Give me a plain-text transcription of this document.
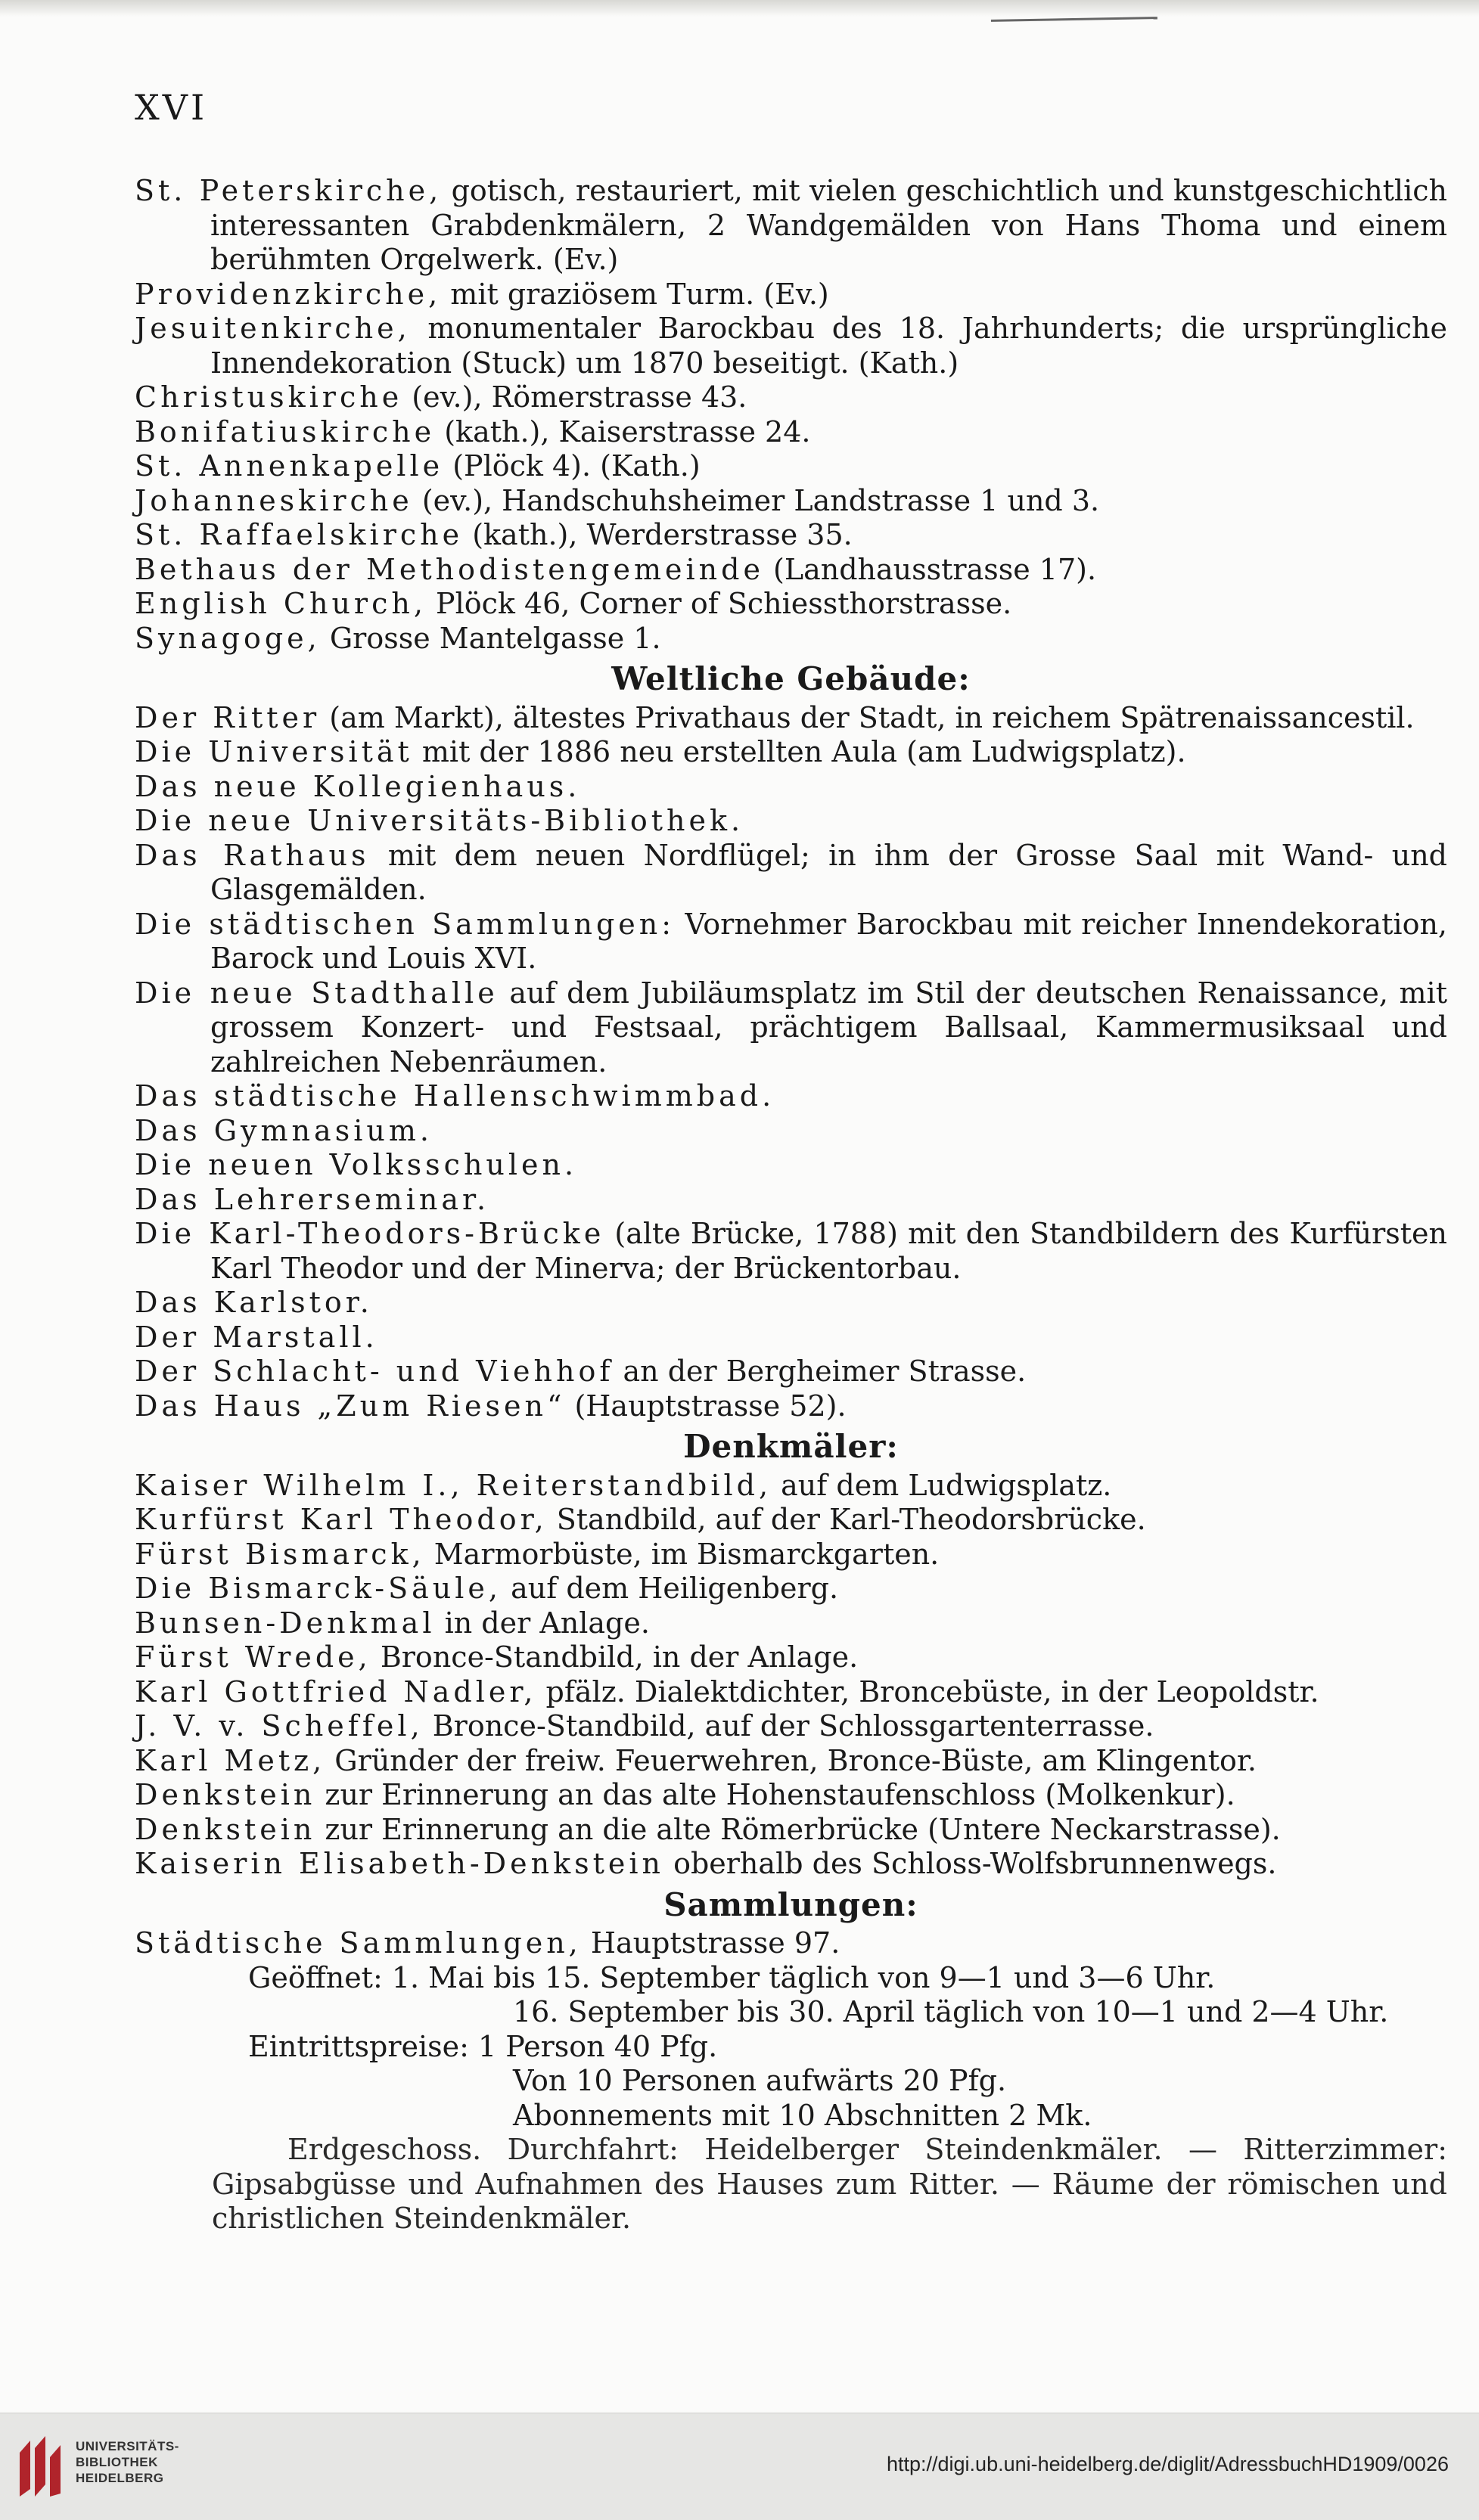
XVI
St. Peterskirche, gotisch, restauriert, mit vielen geschichtlich und kunstgeschichtlich interessanten Grabdenkmälern, 2 Wandgemälden von Hans Thoma und einem berühmten Orgelwerk. (Ev.)
Providenzkirche, mit graziösem Turm. (Ev.)
Jesuitenkirche, monumentaler Barockbau des 18. Jahrhunderts; die ursprüngliche Innendekoration (Stuck) um 1870 beseitigt. (Kath.)
Christuskirche (ev.), Römerstrasse 43.
Bonifatiuskirche (kath.), Kaiserstrasse 24.
St. Annenkapelle (Plöck 4). (Kath.)
Johanneskirche (ev.), Handschuhsheimer Landstrasse 1 und 3.
St. Raffaelskirche (kath.), Werderstrasse 35.
Bethaus der Methodistengemeinde (Landhausstrasse 17).
English Church, Plöck 46, Corner of Schiessthorstrasse.
Synagoge, Grosse Mantelgasse 1.
Weltliche Gebäude:
Der Ritter (am Markt), ältestes Privathaus der Stadt, in reichem Spätrenaissancestil.
Die Universität mit der 1886 neu erstellten Aula (am Ludwigsplatz).
Das neue Kollegienhaus.
Die neue Universitäts-Bibliothek.
Das Rathaus mit dem neuen Nordflügel; in ihm der Grosse Saal mit Wand- und Glasgemälden.
Die städtischen Sammlungen: Vornehmer Barockbau mit reicher Innendekoration, Barock und Louis XVI.
Die neue Stadthalle auf dem Jubiläumsplatz im Stil der deutschen Renaissance, mit grossem Konzert- und Festsaal, prächtigem Ballsaal, Kammermusiksaal und zahlreichen Nebenräumen.
Das städtische Hallenschwimmbad.
Das Gymnasium.
Die neuen Volksschulen.
Das Lehrerseminar.
Die Karl-Theodors-Brücke (alte Brücke, 1788) mit den Standbildern des Kurfürsten Karl Theodor und der Minerva; der Brückentorbau.
Das Karlstor.
Der Marstall.
Der Schlacht- und Viehhof an der Bergheimer Strasse.
Das Haus „Zum Riesen“ (Hauptstrasse 52).
Denkmäler:
Kaiser Wilhelm I., Reiterstandbild, auf dem Ludwigsplatz.
Kurfürst Karl Theodor, Standbild, auf der Karl-Theodorsbrücke.
Fürst Bismarck, Marmorbüste, im Bismarckgarten.
Die Bismarck-Säule, auf dem Heiligenberg.
Bunsen-Denkmal in der Anlage.
Fürst Wrede, Bronce-Standbild, in der Anlage.
Karl Gottfried Nadler, pfälz. Dialektdichter, Broncebüste, in der Leopoldstr.
J. V. v. Scheffel, Bronce-Standbild, auf der Schlossgartenterrasse.
Karl Metz, Gründer der freiw. Feuerwehren, Bronce-Büste, am Klingentor.
Denkstein zur Erinnerung an das alte Hohenstaufenschloss (Molkenkur).
Denkstein zur Erinnerung an die alte Römerbrücke (Untere Neckarstrasse).
Kaiserin Elisabeth-Denkstein oberhalb des Schloss-Wolfsbrunnenwegs.
Sammlungen:
Städtische Sammlungen, Hauptstrasse 97.
Geöffnet: 1. Mai bis 15. September täglich von 9—1 und 3—6 Uhr.
16. September bis 30. April täglich von 10—1 und 2—4 Uhr.
Eintrittspreise: 1 Person 40 Pfg.
Von 10 Personen aufwärts 20 Pfg.
Abonnements mit 10 Abschnitten 2 Mk.
Erdgeschoss. Durchfahrt: Heidelberger Steindenkmäler. — Ritterzimmer: Gipsabgüsse und Aufnahmen des Hauses zum Ritter. — Räume der römischen und christlichen Steindenkmäler.
UNIVERSITÄTS-
BIBLIOTHEK
HEIDELBERG
http://digi.ub.uni-heidelberg.de/diglit/AdressbuchHD1909/0026
